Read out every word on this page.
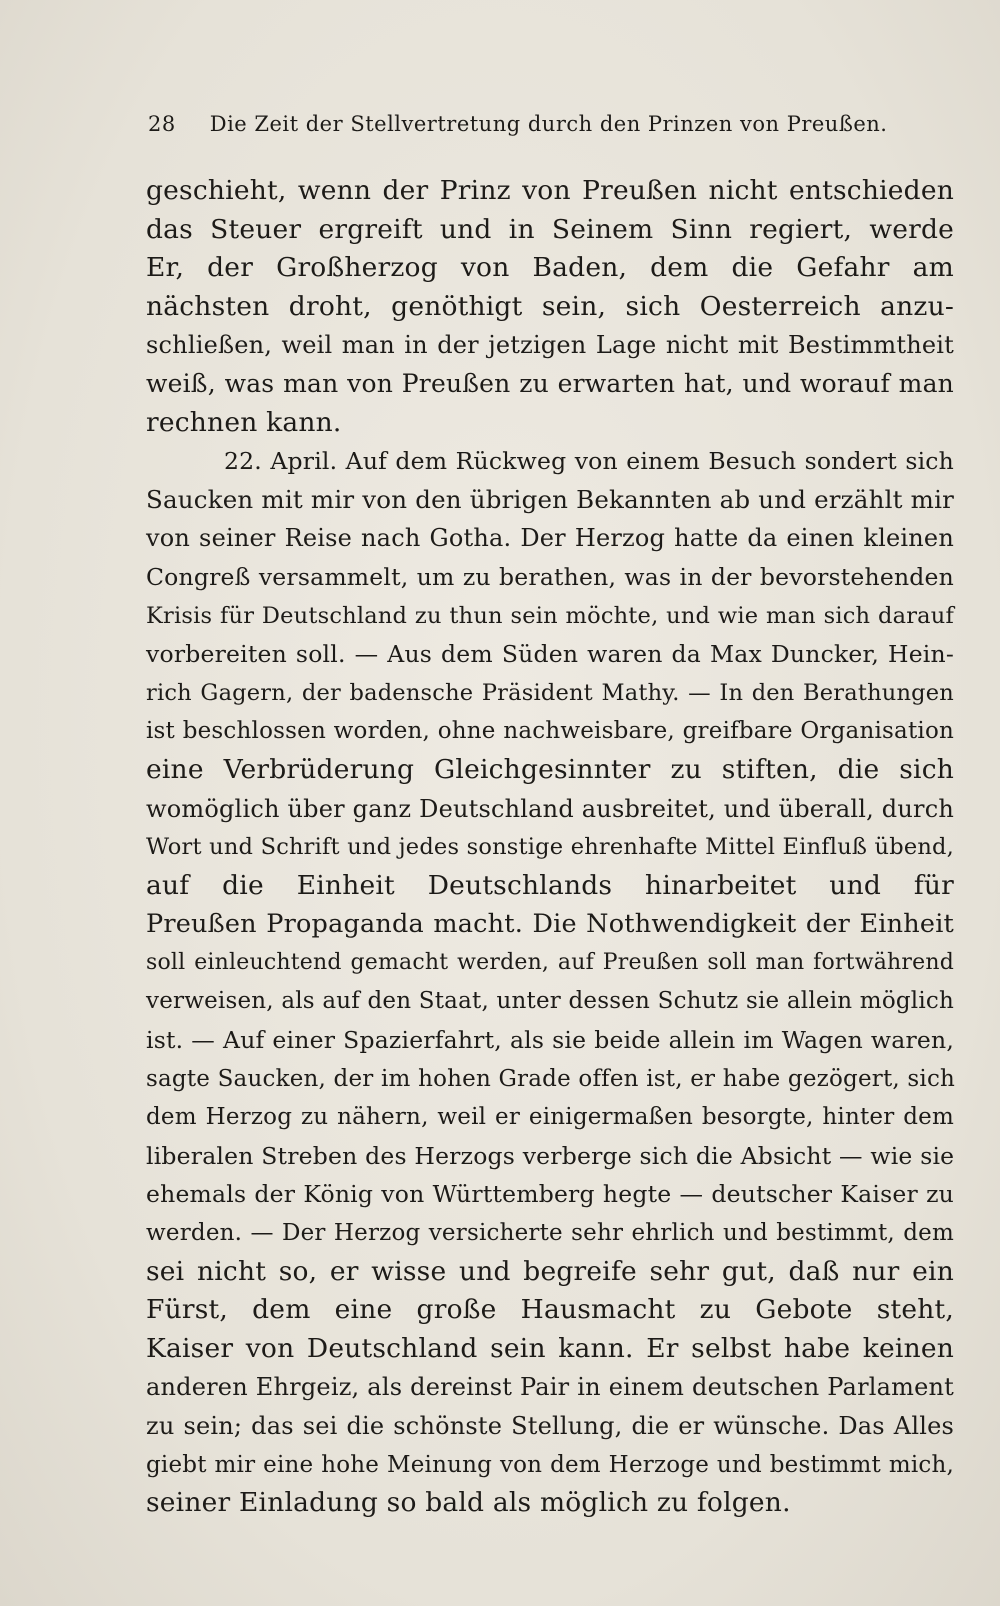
28 Die Zeit der Stellvertretung durch den Prinzen von Preußen.
geschieht, wenn der Prinz von Preußen nicht entschieden
das Steuer ergreift und in Seinem Sinn regiert, werde
Er, der Großherzog von Baden, dem die Gefahr am
nächsten droht, genöthigt sein, sich Oesterreich anzu-
schließen, weil man in der jetzigen Lage nicht mit Bestimmtheit
weiß, was man von Preußen zu erwarten hat, und worauf man
rechnen kann.
22. April. Auf dem Rückweg von einem Besuch sondert sich
Saucken mit mir von den übrigen Bekannten ab und erzählt mir
von seiner Reise nach Gotha. Der Herzog hatte da einen kleinen
Congreß versammelt, um zu berathen, was in der bevorstehenden
Krisis für Deutschland zu thun sein möchte, und wie man sich darauf
vorbereiten soll. — Aus dem Süden waren da Max Duncker, Hein-
rich Gagern, der badensche Präsident Mathy. — In den Berathungen
ist beschlossen worden, ohne nachweisbare, greifbare Organisation
eine Verbrüderung Gleichgesinnter zu stiften, die sich
womöglich über ganz Deutschland ausbreitet, und überall, durch
Wort und Schrift und jedes sonstige ehrenhafte Mittel Einfluß übend,
auf die Einheit Deutschlands hinarbeitet und für
Preußen Propaganda macht. Die Nothwendigkeit der Einheit
soll einleuchtend gemacht werden, auf Preußen soll man fortwährend
verweisen, als auf den Staat, unter dessen Schutz sie allein möglich
ist. — Auf einer Spazierfahrt, als sie beide allein im Wagen waren,
sagte Saucken, der im hohen Grade offen ist, er habe gezögert, sich
dem Herzog zu nähern, weil er einigermaßen besorgte, hinter dem
liberalen Streben des Herzogs verberge sich die Absicht — wie sie
ehemals der König von Württemberg hegte — deutscher Kaiser zu
werden. — Der Herzog versicherte sehr ehrlich und bestimmt, dem
sei nicht so, er wisse und begreife sehr gut, daß nur ein
Fürst, dem eine große Hausmacht zu Gebote steht,
Kaiser von Deutschland sein kann. Er selbst habe keinen
anderen Ehrgeiz, als dereinst Pair in einem deutschen Parlament
zu sein; das sei die schönste Stellung, die er wünsche. Das Alles
giebt mir eine hohe Meinung von dem Herzoge und bestimmt mich,
seiner Einladung so bald als möglich zu folgen.
